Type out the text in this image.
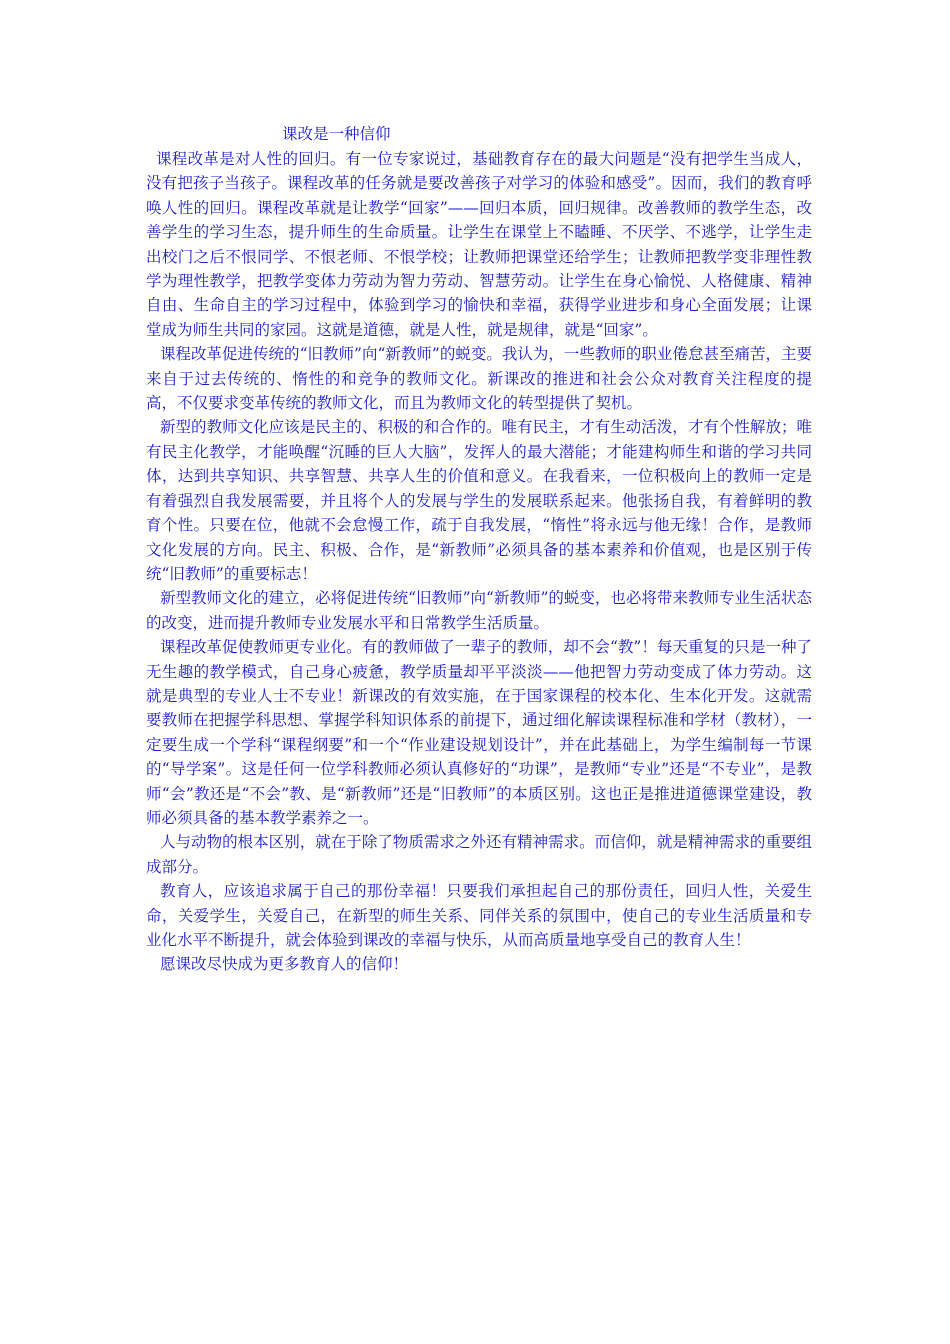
课改是一种信仰

课程改革是对人性的回归。有一位专家说过，基础教育存在的最大问题是“没有把学生当成人，没有把孩子当孩子。课程改革的任务就是要改善孩子对学习的体验和感受”。因而，我们的教育呼唤人性的回归。课程改革就是让教学“回家”——回归本质，回归规律。改善教师的教学生态，改善学生的学习生态，提升师生的生命质量。让学生在课堂上不瞌睡、不厌学、不逃学，让学生走出校门之后不恨同学、不恨老师、不恨学校；让教师把课堂还给学生；让教师把教学变非理性教学为理性教学，把教学变体力劳动为智力劳动、智慧劳动。让学生在身心愉悦、人格健康、精神自由、生命自主的学习过程中，体验到学习的愉快和幸福，获得学业进步和身心全面发展；让课堂成为师生共同的家园。这就是道德，就是人性，就是规律，就是“回家”。

课程改革促进传统的“旧教师”向“新教师”的蜕变。我认为，一些教师的职业倦怠甚至痛苦，主要来自于过去传统的、惰性的和竞争的教师文化。新课改的推进和社会公众对教育关注程度的提高，不仅要求变革传统的教师文化，而且为教师文化的转型提供了契机。

新型的教师文化应该是民主的、积极的和合作的。唯有民主，才有生动活泼，才有个性解放；唯有民主化教学，才能唤醒“沉睡的巨人大脑”，发挥人的最大潜能；才能建构师生和谐的学习共同体，达到共享知识、共享智慧、共享人生的价值和意义。在我看来，一位积极向上的教师一定是有着强烈自我发展需要，并且将个人的发展与学生的发展联系起来。他张扬自我，有着鲜明的教育个性。只要在位，他就不会怠慢工作，疏于自我发展，“惰性”将永远与他无缘！合作，是教师文化发展的方向。民主、积极、合作，是“新教师”必须具备的基本素养和价值观，也是区别于传统“旧教师”的重要标志！

新型教师文化的建立，必将促进传统“旧教师”向“新教师”的蜕变，也必将带来教师专业生活状态的改变，进而提升教师专业发展水平和日常教学生活质量。

课程改革促使教师更专业化。有的教师做了一辈子的教师，却不会“教”！每天重复的只是一种了无生趣的教学模式，自己身心疲惫，教学质量却平平淡淡——他把智力劳动变成了体力劳动。这就是典型的专业人士不专业！新课改的有效实施，在于国家课程的校本化、生本化开发。这就需要教师在把握学科思想、掌握学科知识体系的前提下，通过细化解读课程标准和学材（教材），一定要生成一个学科“课程纲要”和一个“作业建设规划设计”，并在此基础上，为学生编制每一节课的“导学案”。这是任何一位学科教师必须认真修好的“功课”，是教师“专业”还是“不专业”，是教师“会”教还是“不会”教、是“新教师”还是“旧教师”的本质区别。这也正是推进道德课堂建设，教师必须具备的基本教学素养之一。

人与动物的根本区别，就在于除了物质需求之外还有精神需求。而信仰，就是精神需求的重要组成部分。

教育人，应该追求属于自己的那份幸福！只要我们承担起自己的那份责任，回归人性，关爱生命，关爱学生，关爱自己，在新型的师生关系、同伴关系的氛围中，使自己的专业生活质量和专业化水平不断提升，就会体验到课改的幸福与快乐，从而高质量地享受自己的教育人生！

愿课改尽快成为更多教育人的信仰！
